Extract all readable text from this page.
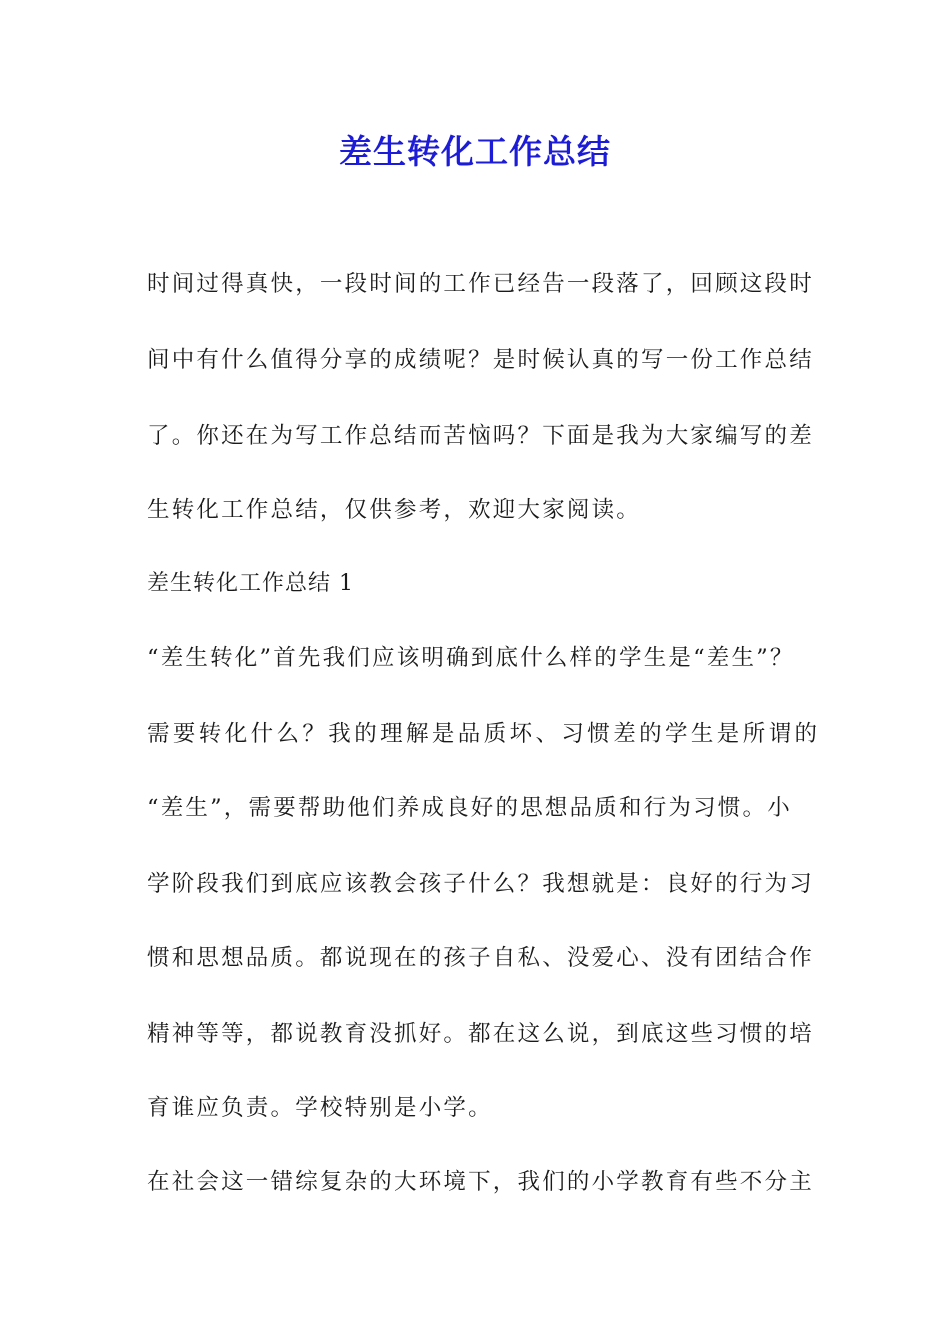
差生转化工作总结

时间过得真快，一段时间的工作已经告一段落了，回顾这段时

间中有什么值得分享的成绩呢？是时候认真的写一份工作总结

了。你还在为写工作总结而苦恼吗？下面是我为大家编写的差

生转化工作总结，仅供参考，欢迎大家阅读。

差生转化工作总结 1

“差生转化”首先我们应该明确到底什么样的学生是“差生”？

需要转化什么？我的理解是品质坏、习惯差的学生是所谓的

“差生”，需要帮助他们养成良好的思想品质和行为习惯。小

学阶段我们到底应该教会孩子什么？我想就是：良好的行为习

惯和思想品质。都说现在的孩子自私、没爱心、没有团结合作

精神等等，都说教育没抓好。都在这么说，到底这些习惯的培

育谁应负责。学校特别是小学。

在社会这一错综复杂的大环境下，我们的小学教育有些不分主
